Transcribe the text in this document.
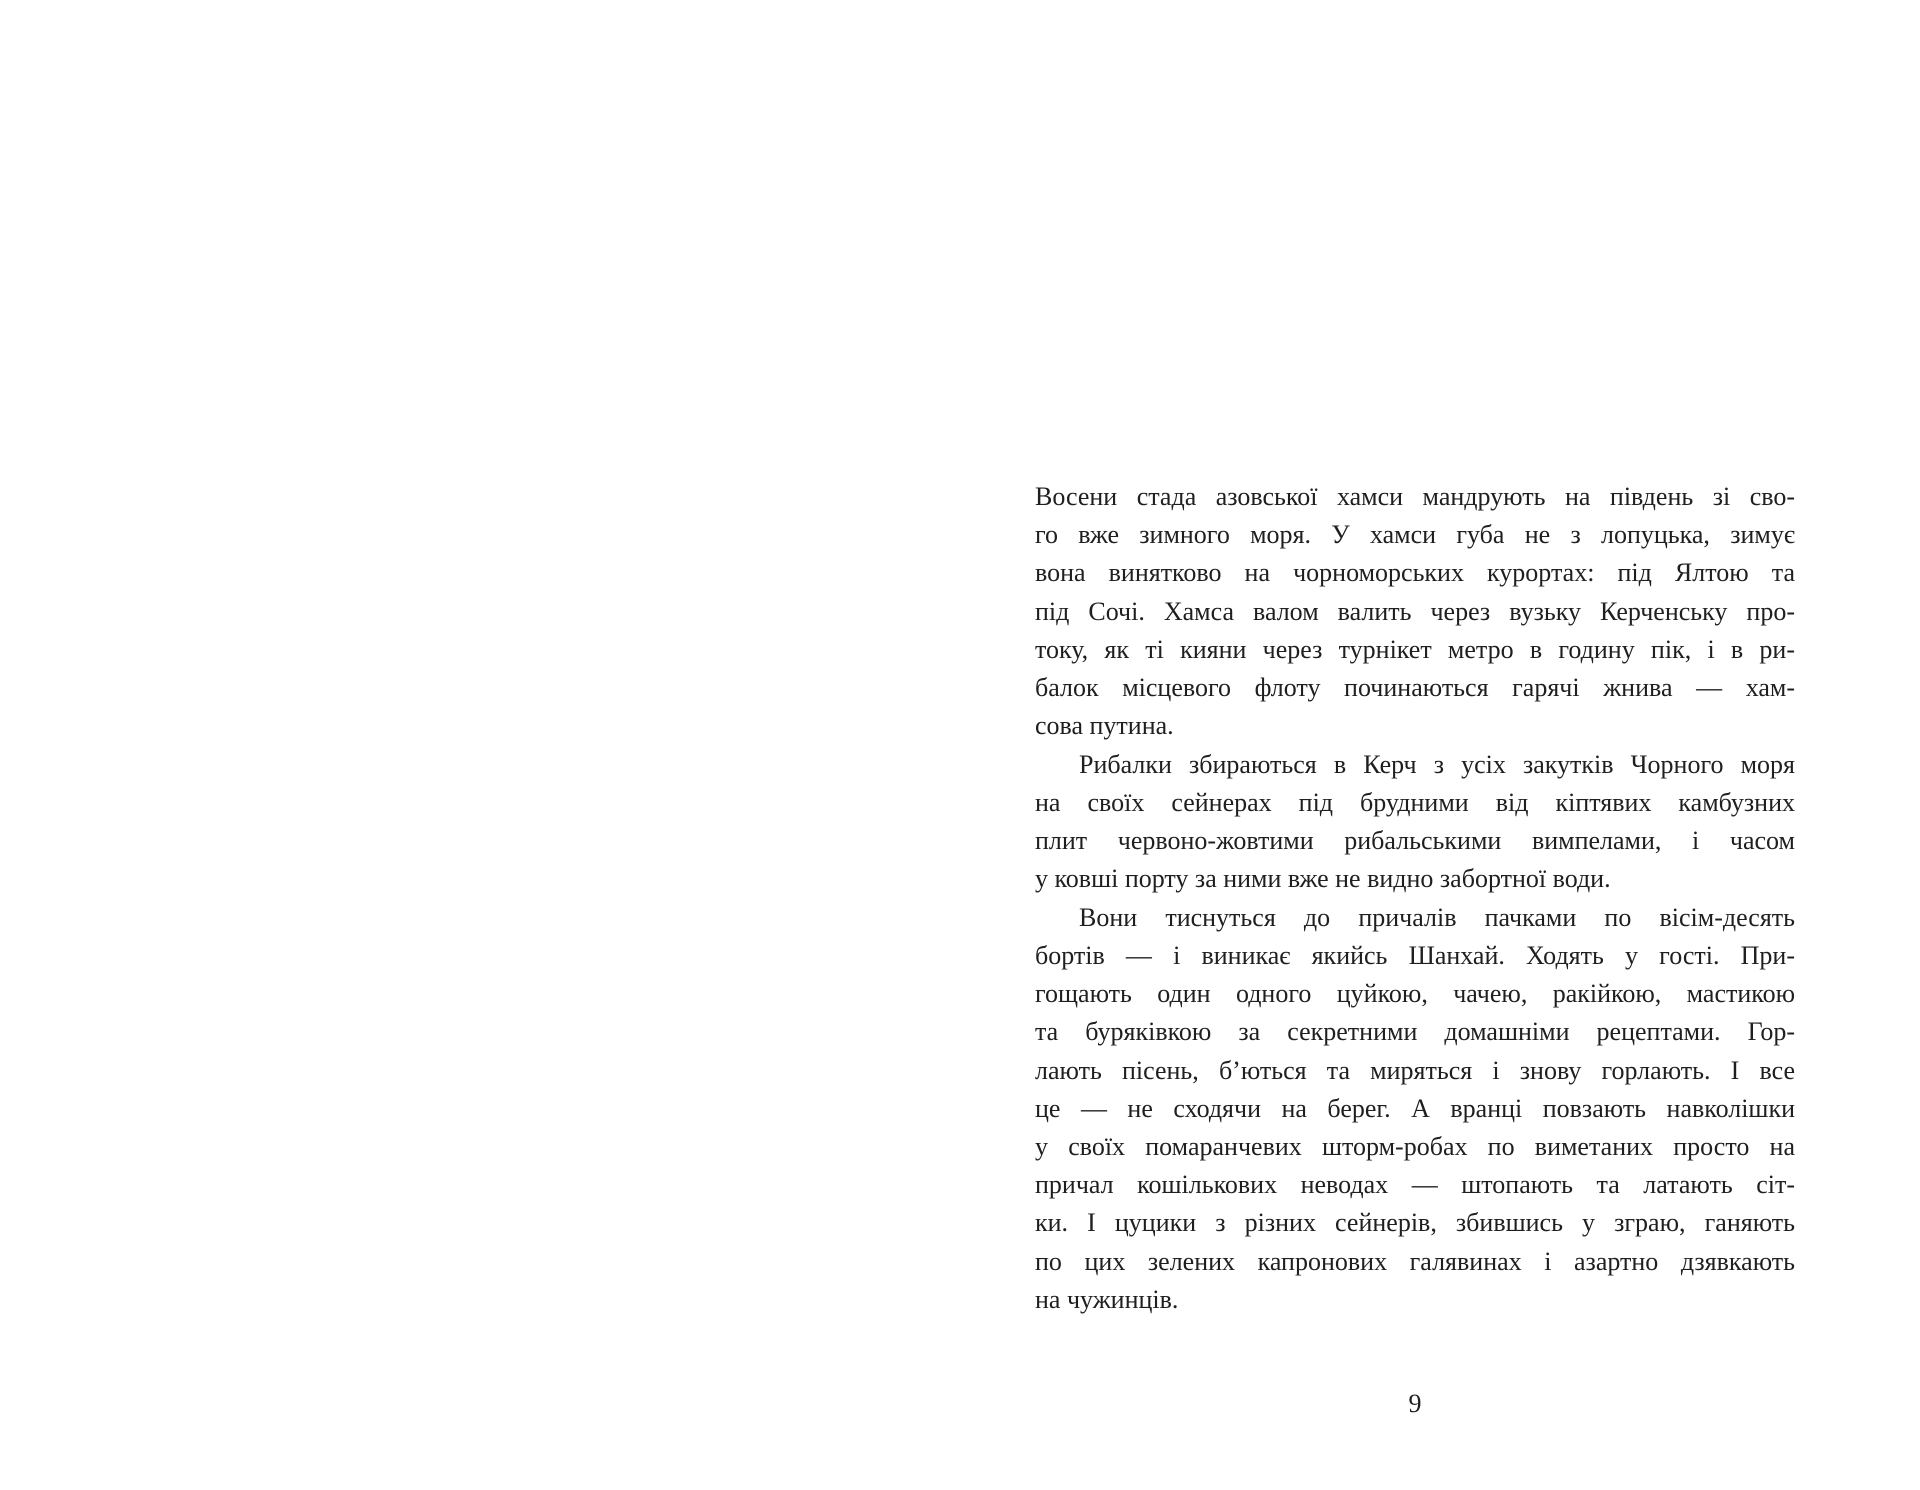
Восени стада азовської хамси мандрують на південь зі сво-
го вже зимного моря. У хамси губа не з лопуцька, зимує
вона винятково на чорноморських курортах: під Ялтою та
під Сочі. Хамса валом валить через вузьку Керченську про-
току, як ті кияни через турнікет метро в годину пік, і в ри-
балок місцевого флоту починаються гарячі жнива — хам-
сова путина.
Рибалки збираються в Керч з усіх закутків Чорного моря
на своїх сейнерах під брудними від кіптявих камбузних
плит червоно-жовтими рибальськими вимпелами, і часом
у ковші порту за ними вже не видно забортної води.
Вони тиснуться до причалів пачками по вісім-десять
бортів — і виникає якийсь Шанхай. Ходять у гості. При-
гощають один одного цуйкою, чачею, ракійкою, мастикою
та буряківкою за секретними домашніми рецептами. Гор-
лають пісень, б’ються та миряться і знову горлають. І все
це — не сходячи на берег. А вранці повзають навколішки
у своїх помаранчевих шторм-робах по виметаних просто на
причал кошількових неводах — штопають та латають сіт-
ки. І цуцики з різних сейнерів, збившись у зграю, ганяють
по цих зелених капронових галявинах і азартно дзявкають
на чужинців.
9
